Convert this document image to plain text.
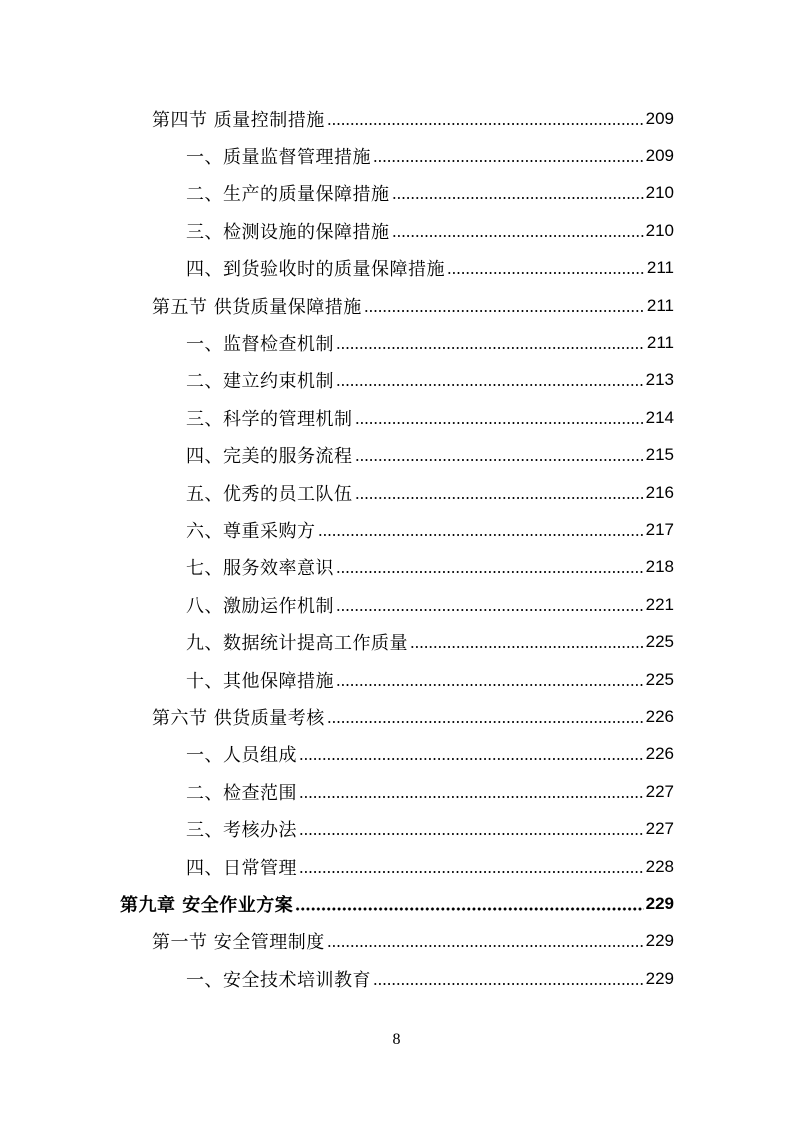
第四节 质量控制措施	209
一、质量监督管理措施	209
二、生产的质量保障措施	210
三、检测设施的保障措施	210
四、到货验收时的质量保障措施	211
第五节 供货质量保障措施	211
一、监督检查机制	211
二、建立约束机制	213
三、科学的管理机制	214
四、完美的服务流程	215
五、优秀的员工队伍	216
六、尊重采购方	217
七、服务效率意识	218
八、激励运作机制	221
九、数据统计提高工作质量	225
十、其他保障措施	225
第六节 供货质量考核	226
一、人员组成	226
二、检查范围	227
三、考核办法	227
四、日常管理	228
第九章 安全作业方案	229
第一节 安全管理制度	229
一、安全技术培训教育	229
8
